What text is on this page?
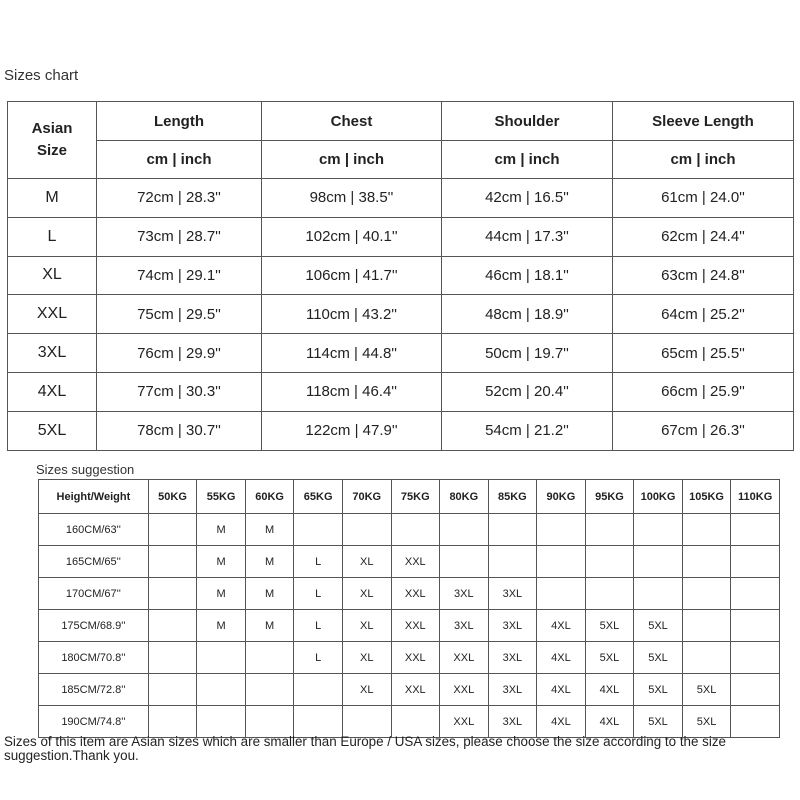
Sizes chart
Asian
Size	Length	Chest	Shoulder	Sleeve Length
	cm | inch	cm | inch	cm | inch	cm | inch
M	72cm | 28.3''	98cm | 38.5''	42cm | 16.5''	61cm | 24.0''
L	73cm | 28.7''	102cm | 40.1''	44cm | 17.3''	62cm | 24.4''
XL	74cm | 29.1''	106cm | 41.7''	46cm | 18.1''	63cm | 24.8''
XXL	75cm | 29.5''	110cm | 43.2''	48cm | 18.9''	64cm | 25.2''
3XL	76cm | 29.9''	114cm | 44.8''	50cm | 19.7''	65cm | 25.5''
4XL	77cm | 30.3''	118cm | 46.4''	52cm | 20.4''	66cm | 25.9''
5XL	78cm | 30.7''	122cm | 47.9''	54cm | 21.2''	67cm | 26.3''
Sizes suggestion
Height/Weight	50KG	55KG	60KG	65KG	70KG	75KG	80KG	85KG	90KG	95KG	100KG	105KG	110KG
160CM/63''		M	M										
165CM/65''		M	M	L	XL	XXL							
170CM/67''		M	M	L	XL	XXL	3XL	3XL					
175CM/68.9''		M	M	L	XL	XXL	3XL	3XL	4XL	5XL	5XL		
180CM/70.8''				L	XL	XXL	XXL	3XL	4XL	5XL	5XL		
185CM/72.8''					XL	XXL	XXL	3XL	4XL	4XL	5XL	5XL	
190CM/74.8''							XXL	3XL	4XL	4XL	5XL	5XL	
Sizes of this item are Asian sizes which are smaller than Europe / USA sizes, please choose the size according to the size suggestion.Thank you.
